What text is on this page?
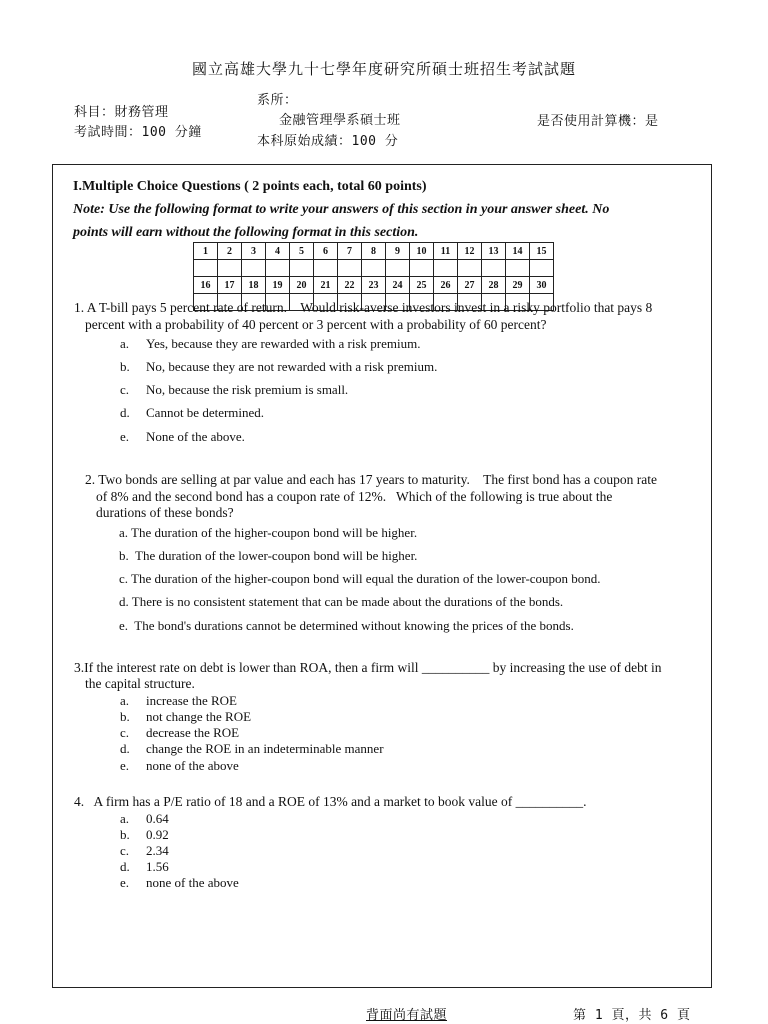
國立高雄大學九十七學年度研究所碩士班招生考試試題
科目：財務管理
考試時間：100 分鐘
系所：
金融管理學系碩士班
本科原始成績：100 分
是否使用計算機：是
I.Multiple Choice Questions ( 2 points each, total 60 points)
Note: Use the following format to write your answers of this section in your answer sheet. No
points will earn without the following format in this section.
1	2	3	4	5	6	7	8	9	10	11	12	13	14	15

16	17	18	19	20	21	22	23	24	25	26	27	28	29	30

1. A T-bill pays 5 percent rate of return.    Would risk-averse investors invest in a risky portfolio that pays 8
percent with a probability of 40 percent or 3 percent with a probability of 60 percent?
a. Yes, because they are rewarded with a risk premium.
b. No, because they are not rewarded with a risk premium.
c. No, because the risk premium is small.
d. Cannot be determined.
e. None of the above.
2. Two bonds are selling at par value and each has 17 years to maturity.    The first bond has a coupon rate
of 8% and the second bond has a coupon rate of 12%.   Which of the following is true about the
durations of these bonds?
a. The duration of the higher-coupon bond will be higher.
b.  The duration of the lower-coupon bond will be higher.
c. The duration of the higher-coupon bond will equal the duration of the lower-coupon bond.
d. There is no consistent statement that can be made about the durations of the bonds.
e.  The bond's durations cannot be determined without knowing the prices of the bonds.
3.If the interest rate on debt is lower than ROA, then a firm will __________ by increasing the use of debt in
the capital structure.
a. increase the ROE
b. not change the ROE
c. decrease the ROE
d. change the ROE in an indeterminable manner
e. none of the above
4.   A firm has a P/E ratio of 18 and a ROE of 13% and a market to book value of __________.
a. 0.64
b. 0.92
c. 2.34
d. 1.56
e. none of the above
背面尚有試題	第 1 頁，共 6 頁
